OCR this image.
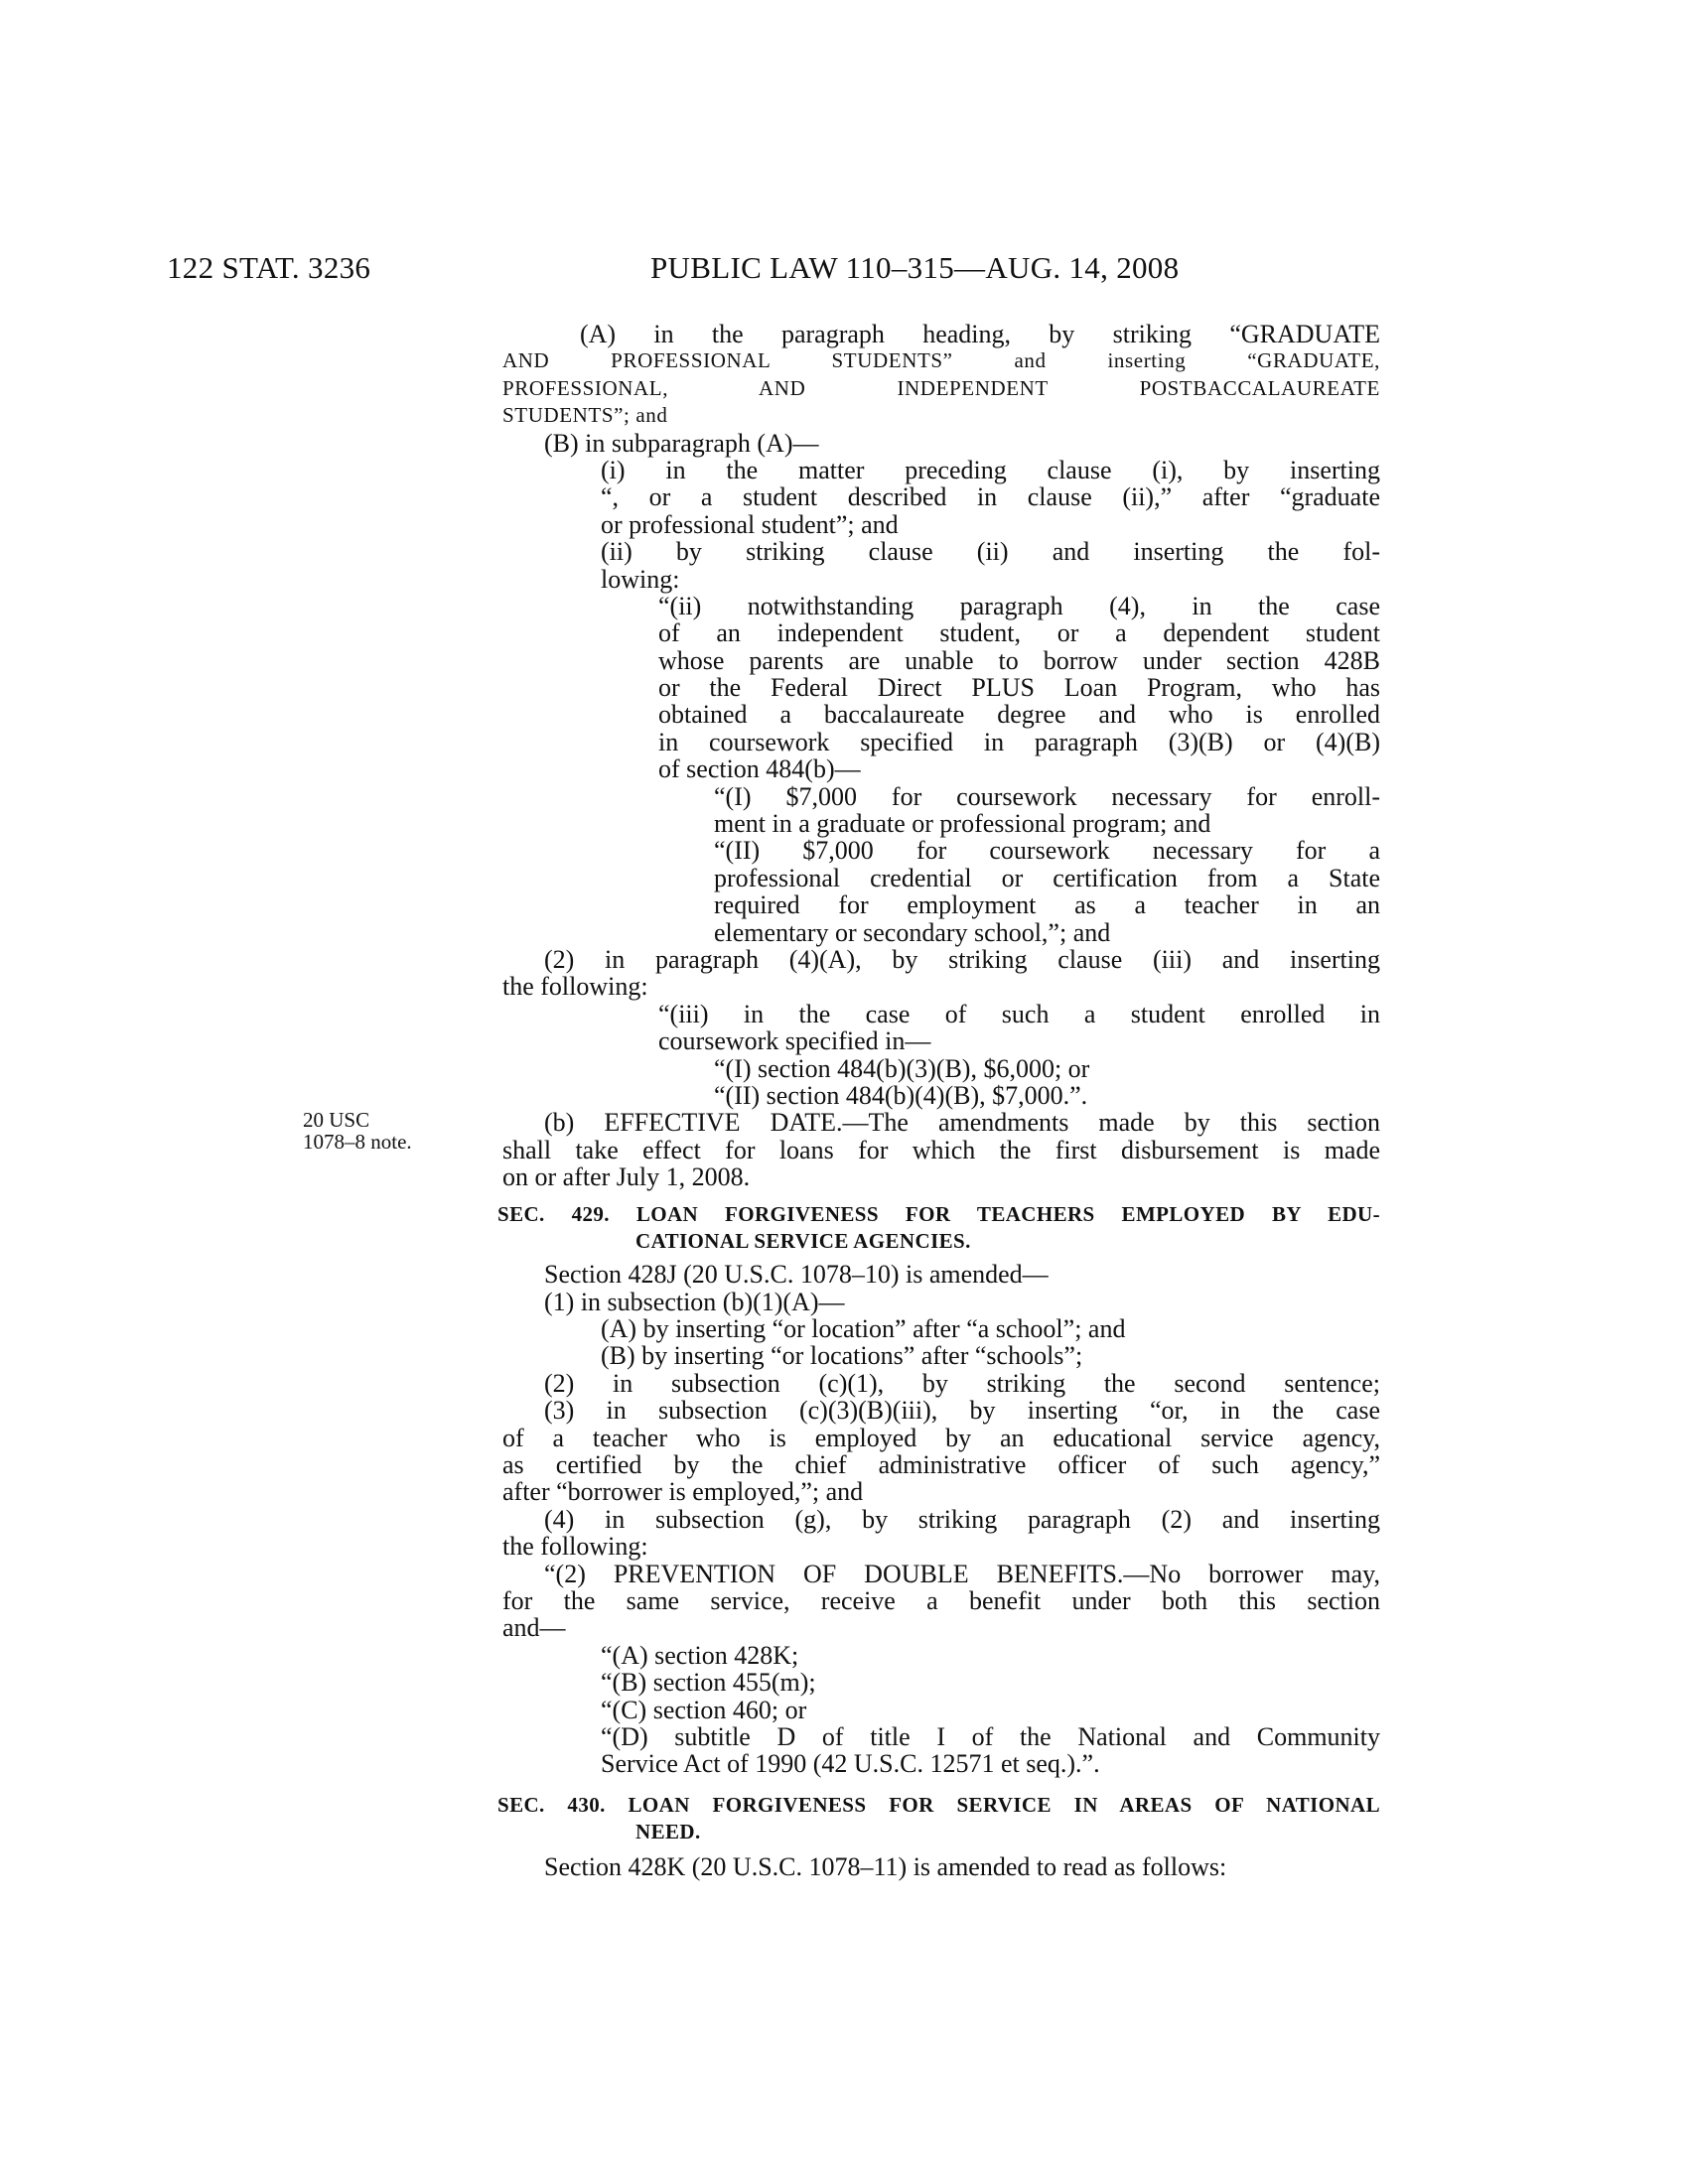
122 STAT. 3236	PUBLIC LAW 110–315—AUG. 14, 2008
20 USC
1078–8 note.
(A) in the paragraph heading, by striking “GRADUATE
AND PROFESSIONAL STUDENTS” and inserting “GRADUATE,
PROFESSIONAL, AND INDEPENDENT POSTBACCALAUREATE
STUDENTS”; and
(B) in subparagraph (A)—
(i) in the matter preceding clause (i), by inserting
“, or a student described in clause (ii),” after “graduate
or professional student”; and
(ii) by striking clause (ii) and inserting the fol-
lowing:
“(ii) notwithstanding paragraph (4), in the case
of an independent student, or a dependent student
whose parents are unable to borrow under section 428B
or the Federal Direct PLUS Loan Program, who has
obtained a baccalaureate degree and who is enrolled
in coursework specified in paragraph (3)(B) or (4)(B)
of section 484(b)—
“(I) $7,000 for coursework necessary for enroll-
ment in a graduate or professional program; and
“(II) $7,000 for coursework necessary for a
professional credential or certification from a State
required for employment as a teacher in an
elementary or secondary school,”; and
(2) in paragraph (4)(A), by striking clause (iii) and inserting
the following:
“(iii) in the case of such a student enrolled in
coursework specified in—
“(I) section 484(b)(3)(B), $6,000; or
“(II) section 484(b)(4)(B), $7,000.”.
(b) EFFECTIVE DATE.—The amendments made by this section
shall take effect for loans for which the first disbursement is made
on or after July 1, 2008.
SEC. 429. LOAN FORGIVENESS FOR TEACHERS EMPLOYED BY EDU-
CATIONAL SERVICE AGENCIES.
Section 428J (20 U.S.C. 1078–10) is amended—
(1) in subsection (b)(1)(A)—
(A) by inserting “or location” after “a school”; and
(B) by inserting “or locations” after “schools”;
(2) in subsection (c)(1), by striking the second sentence;
(3) in subsection (c)(3)(B)(iii), by inserting “or, in the case
of a teacher who is employed by an educational service agency,
as certified by the chief administrative officer of such agency,”
after “borrower is employed,”; and
(4) in subsection (g), by striking paragraph (2) and inserting
the following:
“(2) PREVENTION OF DOUBLE BENEFITS.—No borrower may,
for the same service, receive a benefit under both this section
and—
“(A) section 428K;
“(B) section 455(m);
“(C) section 460; or
“(D) subtitle D of title I of the National and Community
Service Act of 1990 (42 U.S.C. 12571 et seq.).”.
SEC. 430. LOAN FORGIVENESS FOR SERVICE IN AREAS OF NATIONAL
NEED.
Section 428K (20 U.S.C. 1078–11) is amended to read as follows:
